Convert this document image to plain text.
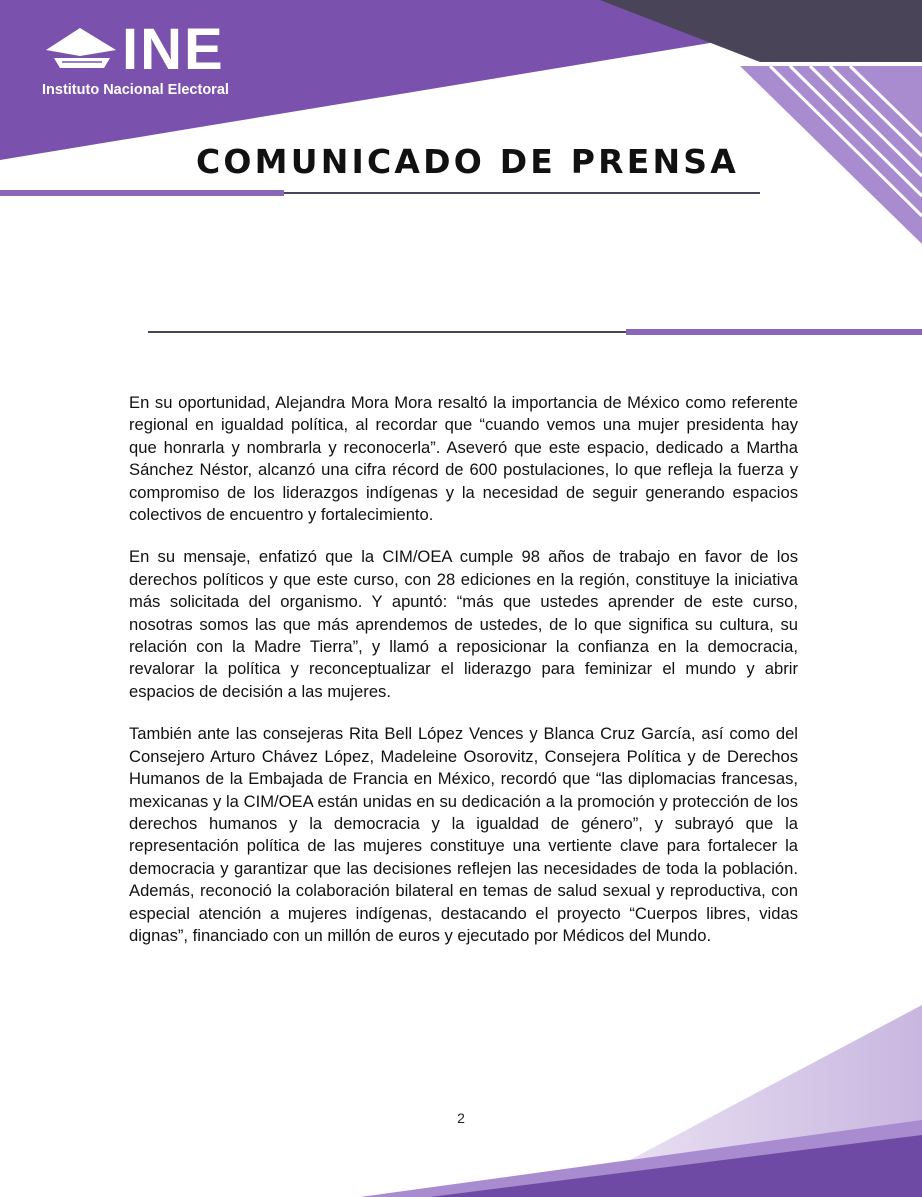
INE
Instituto Nacional Electoral
COMUNICADO DE PRENSA

En su oportunidad, Alejandra Mora Mora resaltó la importancia de México como referente regional en igualdad política, al recordar que “cuando vemos una mujer presidenta hay que honrarla y nombrarla y reconocerla”. Aseveró que este espacio, dedicado a Martha Sánchez Néstor, alcanzó una cifra récord de 600 postulaciones, lo que refleja la fuerza y compromiso de los liderazgos indígenas y la necesidad de seguir generando espacios colectivos de encuentro y fortalecimiento.

En su mensaje, enfatizó que la CIM/OEA cumple 98 años de trabajo en favor de los derechos políticos y que este curso, con 28 ediciones en la región, constituye la iniciativa más solicitada del organismo. Y apuntó: “más que ustedes aprender de este curso, nosotras somos las que más aprendemos de ustedes, de lo que significa su cultura, su relación con la Madre Tierra”, y llamó a reposicionar la confianza en la democracia, revalorar la política y reconceptualizar el liderazgo para feminizar el mundo y abrir espacios de decisión a las mujeres.

También ante las consejeras Rita Bell López Vences y Blanca Cruz García, así como del Consejero Arturo Chávez López, Madeleine Osorovitz, Consejera Política y de Derechos Humanos de la Embajada de Francia en México, recordó que “las diplomacias francesas, mexicanas y la CIM/OEA están unidas en su dedicación a la promoción y protección de los derechos humanos y la democracia y la igualdad de género”, y subrayó que la representación política de las mujeres constituye una vertiente clave para fortalecer la democracia y garantizar que las decisiones reflejen las necesidades de toda la población. Además, reconoció la colaboración bilateral en temas de salud sexual y reproductiva, con especial atención a mujeres indígenas, destacando el proyecto “Cuerpos libres, vidas dignas”, financiado con un millón de euros y ejecutado por Médicos del Mundo.

2
